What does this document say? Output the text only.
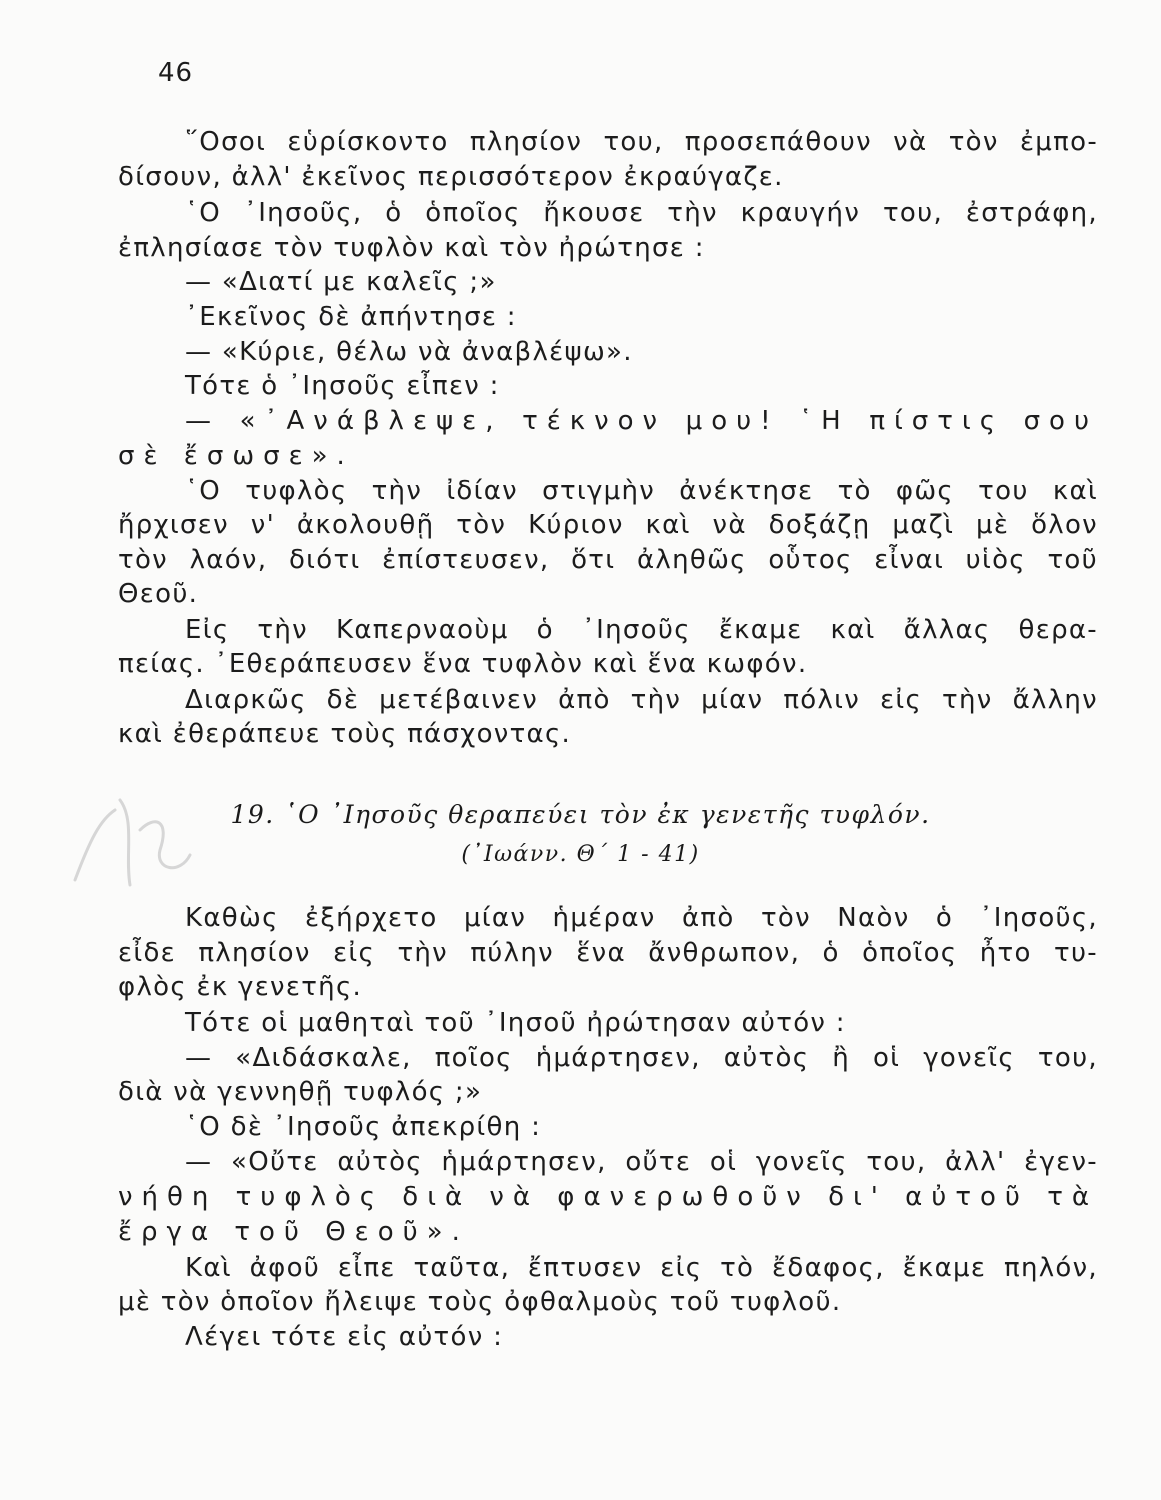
46
῞Οσοι εὑρίσκοντο πλησίον του, προσεπάθουν νὰ τὸν ἐμπο-
δίσουν, ἀλλ' ἐκεῖνος περισσότερον ἐκραύγαζε.
῾Ο ᾿Ιησοῦς, ὁ ὁποῖος ἤκουσε τὴν κραυγήν του, ἐστράφη,
ἐπλησίασε τὸν τυφλὸν καὶ τὸν ἠρώτησε :
— «Διατί με καλεῖς ;»
᾿Εκεῖνος δὲ ἀπήντησε :
— «Κύριε, θέλω νὰ ἀναβλέψω».
Τότε ὁ ᾿Ιησοῦς εἶπεν :
— «᾿Ανάβλεψε, τέκνον μου! ῾Η πίστις σου
σὲ ἔσωσε».
῾Ο τυφλὸς τὴν ἰδίαν στιγμὴν ἀνέκτησε τὸ φῶς του καὶ
ἤρχισεν ν' ἀκολουθῇ τὸν Κύριον καὶ νὰ δοξάζῃ μαζὶ μὲ ὅλον
τὸν λαόν, διότι ἐπίστευσεν, ὅτι ἀληθῶς οὗτος εἶναι υἱὸς τοῦ
Θεοῦ.
Εἰς τὴν Καπερναοὺμ ὁ ᾿Ιησοῦς ἔκαμε καὶ ἄλλας θερα-
πείας. ᾿Εθεράπευσεν ἕνα τυφλὸν καὶ ἕνα κωφόν.
Διαρκῶς δὲ μετέβαινεν ἀπὸ τὴν μίαν πόλιν εἰς τὴν ἄλλην
καὶ ἐθεράπευε τοὺς πάσχοντας.
19. ῾Ο ᾿Ιησοῦς θεραπεύει τὸν ἐκ γενετῆς τυφλόν.
(᾿Ιωάνν. Θ΄ 1 - 41)
Καθὼς ἐξήρχετο μίαν ἡμέραν ἀπὸ τὸν Ναὸν ὁ ᾿Ιησοῦς,
εἶδε πλησίον εἰς τὴν πύλην ἕνα ἄνθρωπον, ὁ ὁποῖος ἦτο τυ-
φλὸς ἐκ γενετῆς.
Τότε οἱ μαθηταὶ τοῦ ᾿Ιησοῦ ἠρώτησαν αὐτόν :
— «Διδάσκαλε, ποῖος ἡμάρτησεν, αὐτὸς ἢ οἱ γονεῖς του,
διὰ νὰ γεννηθῇ τυφλός ;»
῾Ο δὲ ᾿Ιησοῦς ἀπεκρίθη :
— «Οὔτε αὐτὸς ἡμάρτησεν, οὔτε οἱ γονεῖς του, ἀλλ' ἐγεν-
νήθη τυφλὸς διὰ νὰ φανερωθοῦν δι' αὐτοῦ τὰ
ἔργα τοῦ Θεοῦ».
Καὶ ἀφοῦ εἶπε ταῦτα, ἔπτυσεν εἰς τὸ ἔδαφος, ἔκαμε πηλόν,
μὲ τὸν ὁποῖον ἤλειψε τοὺς ὀφθαλμοὺς τοῦ τυφλοῦ.
Λέγει τότε εἰς αὐτόν :
